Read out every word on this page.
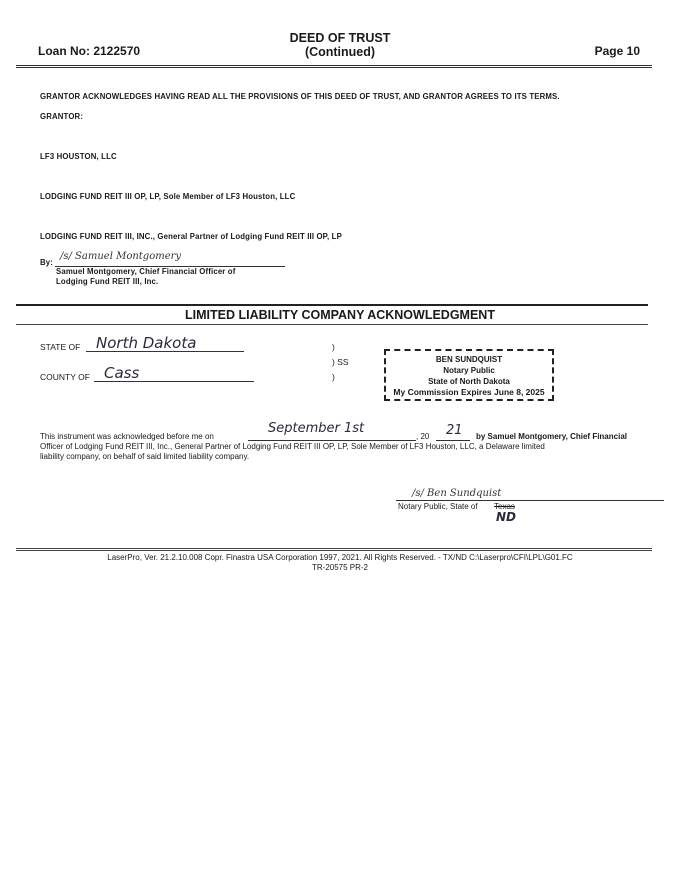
Loan No: 2122570
DEED OF TRUST
(Continued)	Page 10
GRANTOR ACKNOWLEDGES HAVING READ ALL THE PROVISIONS OF THIS DEED OF TRUST, AND GRANTOR AGREES TO ITS TERMS.
GRANTOR:
LF3 HOUSTON, LLC
LODGING FUND REIT III OP, LP, Sole Member of LF3 Houston, LLC
LODGING FUND REIT III, INC., General Partner of Lodging Fund REIT III OP, LP
By:
/s/ Samuel Montgomery
Samuel Montgomery, Chief Financial Officer of
Lodging Fund REIT III, Inc.
LIMITED LIABILITY COMPANY ACKNOWLEDGMENT
STATE OF North Dakota
COUNTY OF Cass
)
) SS
)
BEN SUNDQUIST
Notary Public
State of North Dakota
My Commission Expires June 8, 2025
This instrument was acknowledged before me on
September 1st
, 20 21 by Samuel Montgomery, Chief Financial
Officer of Lodging Fund REIT III, Inc., General Partner of Lodging Fund REIT III OP, LP, Sole Member of LF3 Houston, LLC, a Delaware limited
liability company, on behalf of said limited liability company.
/s/ Ben Sundquist
Notary Public, State of Texas
ND
LaserPro, Ver. 21.2.10.008 Copr. Finastra USA Corporation 1997, 2021. All Rights Reserved. - TX/ND C:\Laserpro\CFI\LPL\G01.FC
TR-20575 PR-2
